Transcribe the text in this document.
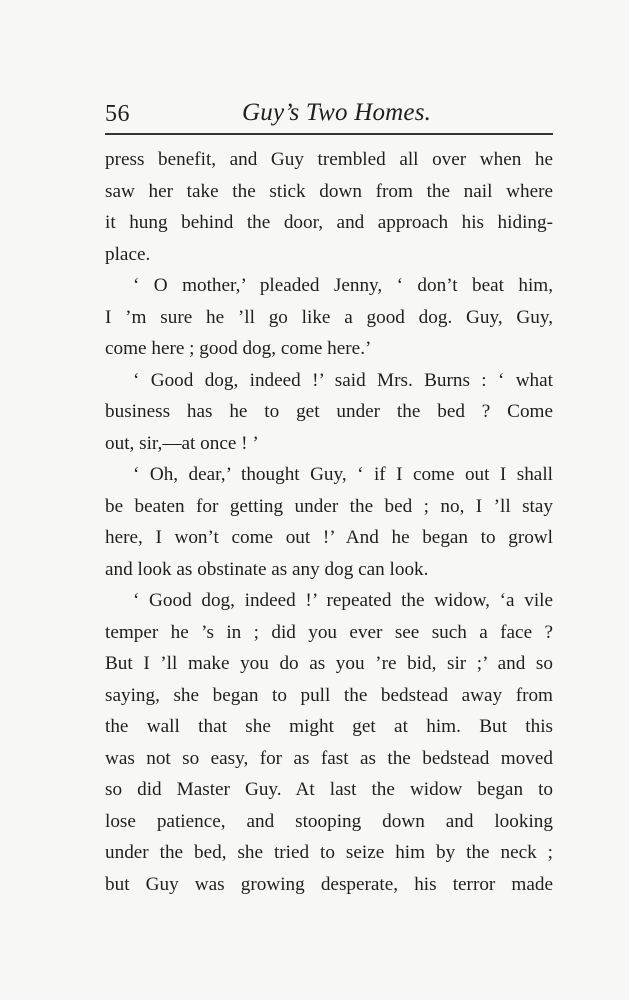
56	Guy’s Two Homes.
press benefit, and Guy trembled all over when he
saw her take the stick down from the nail where
it hung behind the door, and approach his hiding-
place.
‘ O mother,’ pleaded Jenny, ‘ don’t beat him,
I ’m sure he ’ll go like a good dog. Guy, Guy,
come here ; good dog, come here.’
‘ Good dog, indeed !’ said Mrs. Burns : ‘ what
business has he to get under the bed ? Come
out, sir,—at once ! ’
‘ Oh, dear,’ thought Guy, ‘ if I come out I shall
be beaten for getting under the bed ; no, I ’ll stay
here, I won’t come out !’ And he began to growl
and look as obstinate as any dog can look.
‘ Good dog, indeed !’ repeated the widow, ‘a vile
temper he ’s in ; did you ever see such a face ?
But I ’ll make you do as you ’re bid, sir ;’ and so
saying, she began to pull the bedstead away from
the wall that she might get at him. But this
was not so easy, for as fast as the bedstead moved
so did Master Guy. At last the widow began to
lose patience, and stooping down and looking
under the bed, she tried to seize him by the neck ;
but Guy was growing desperate, his terror made
